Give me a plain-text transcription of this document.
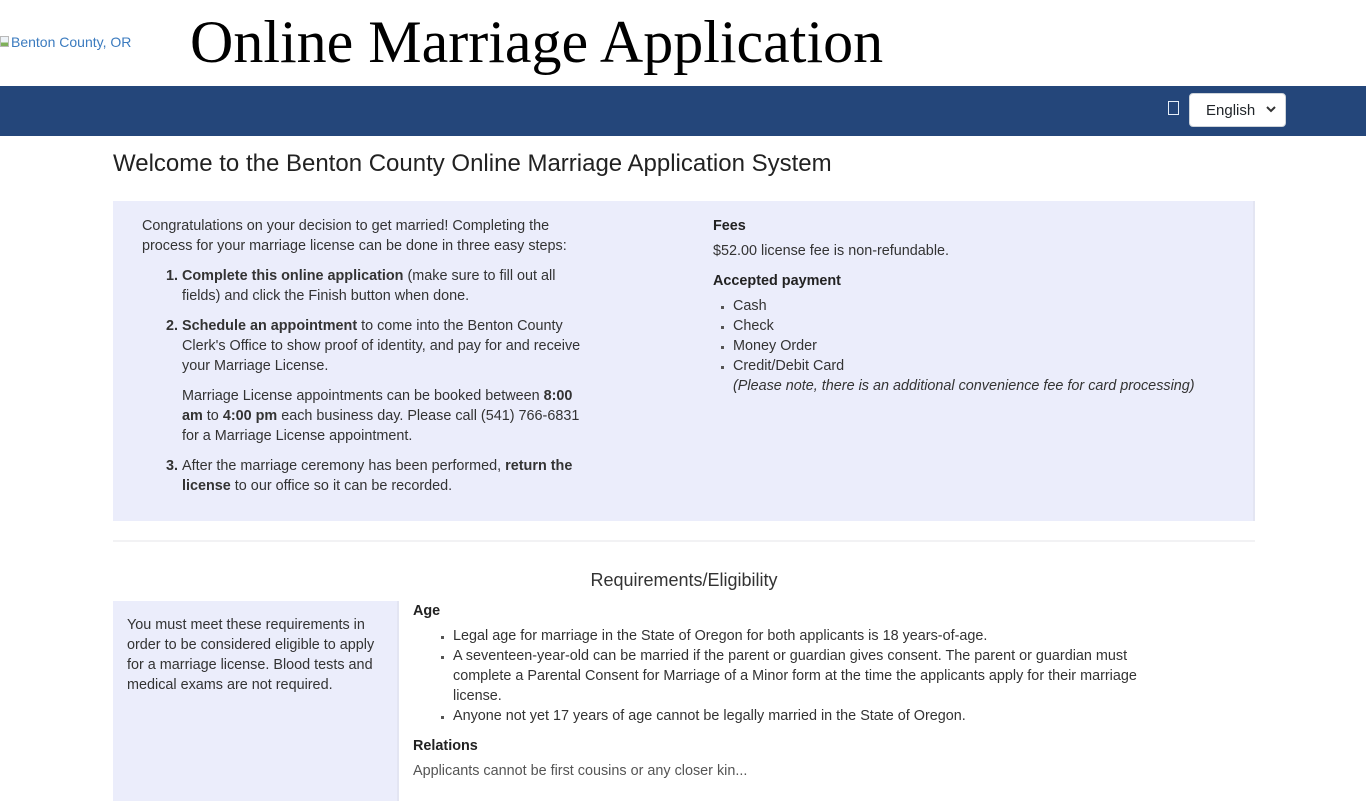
Benton County, OR Online Marriage Application
English
Welcome to the Benton County Online Marriage Application System

Congratulations on your decision to get married! Completing the process for your marriage license can be done in three easy steps:

1. Complete this online application (make sure to fill out all fields) and click the Finish button when done.
2. Schedule an appointment to come into the Benton County Clerk's Office to show proof of identity, and pay for and receive your Marriage License.
Marriage License appointments can be booked between 8:00 am to 4:00 pm each business day. Please call (541) 766-6831 for a Marriage License appointment.
3. After the marriage ceremony has been performed, return the license to our office so it can be recorded.
Fees

$52.00 license fee is non-refundable.

Accepted payment
▪ Cash
▪ Check
▪ Money Order
▪ Credit/Debit Card
(Please note, there is an additional convenience fee for card processing)
Requirements/Eligibility

You must meet these requirements in order to be considered eligible to apply for a marriage license. Blood tests and medical exams are not required.

Age
▪ Legal age for marriage in the State of Oregon for both applicants is 18 years-of-age.
▪ A seventeen-year-old can be married if the parent or guardian gives consent. The parent or guardian must complete a Parental Consent for Marriage of a Minor form at the time the applicants apply for their marriage license.
▪ Anyone not yet 17 years of age cannot be legally married in the State of Oregon.
Relations

Applicants cannot be first cousins or any closer kin...
